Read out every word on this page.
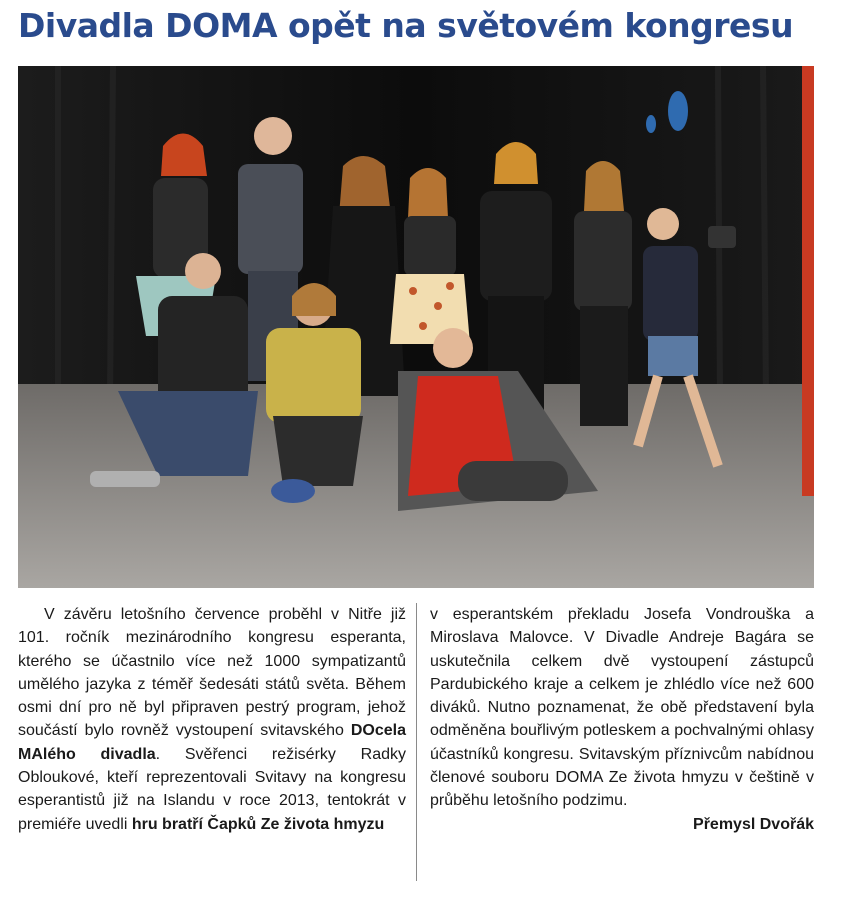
Divadla DOMA opět na světovém kongresu

V závěru letošního července proběhl v Nitře již 101. ročník mezinárodního kongresu esperanta, kterého se účastnilo více než 1000 sympatizantů umělého jazyka z téměř šedesáti států světa. Během osmi dní pro ně byl připraven pestrý program, jehož součástí bylo rovněž vystoupení svitavského DOcela MAlého divadla. Svěřenci režisérky Radky Obloukové, kteří reprezentovali Svitavy na kongresu esperantistů již na Islandu v roce 2013, tentokrát v premiéře uvedli hru bratří Čapků Ze života hmyzu

v esperantském překladu Josefa Vondrouška a Miroslava Malovce. V Divadle Andreje Bagára se uskutečnila celkem dvě vystoupení zástupců Pardubického kraje a celkem je zhlédlo více než 600 diváků. Nutno poznamenat, že obě představení byla odměněna bouřlivým potleskem a pochvalnými ohlasy účastníků kongresu. Svitavským příznivcům nabídnou členové souboru DOMA Ze života hmyzu v češtině v průběhu letošního podzimu.

Přemysl Dvořák
